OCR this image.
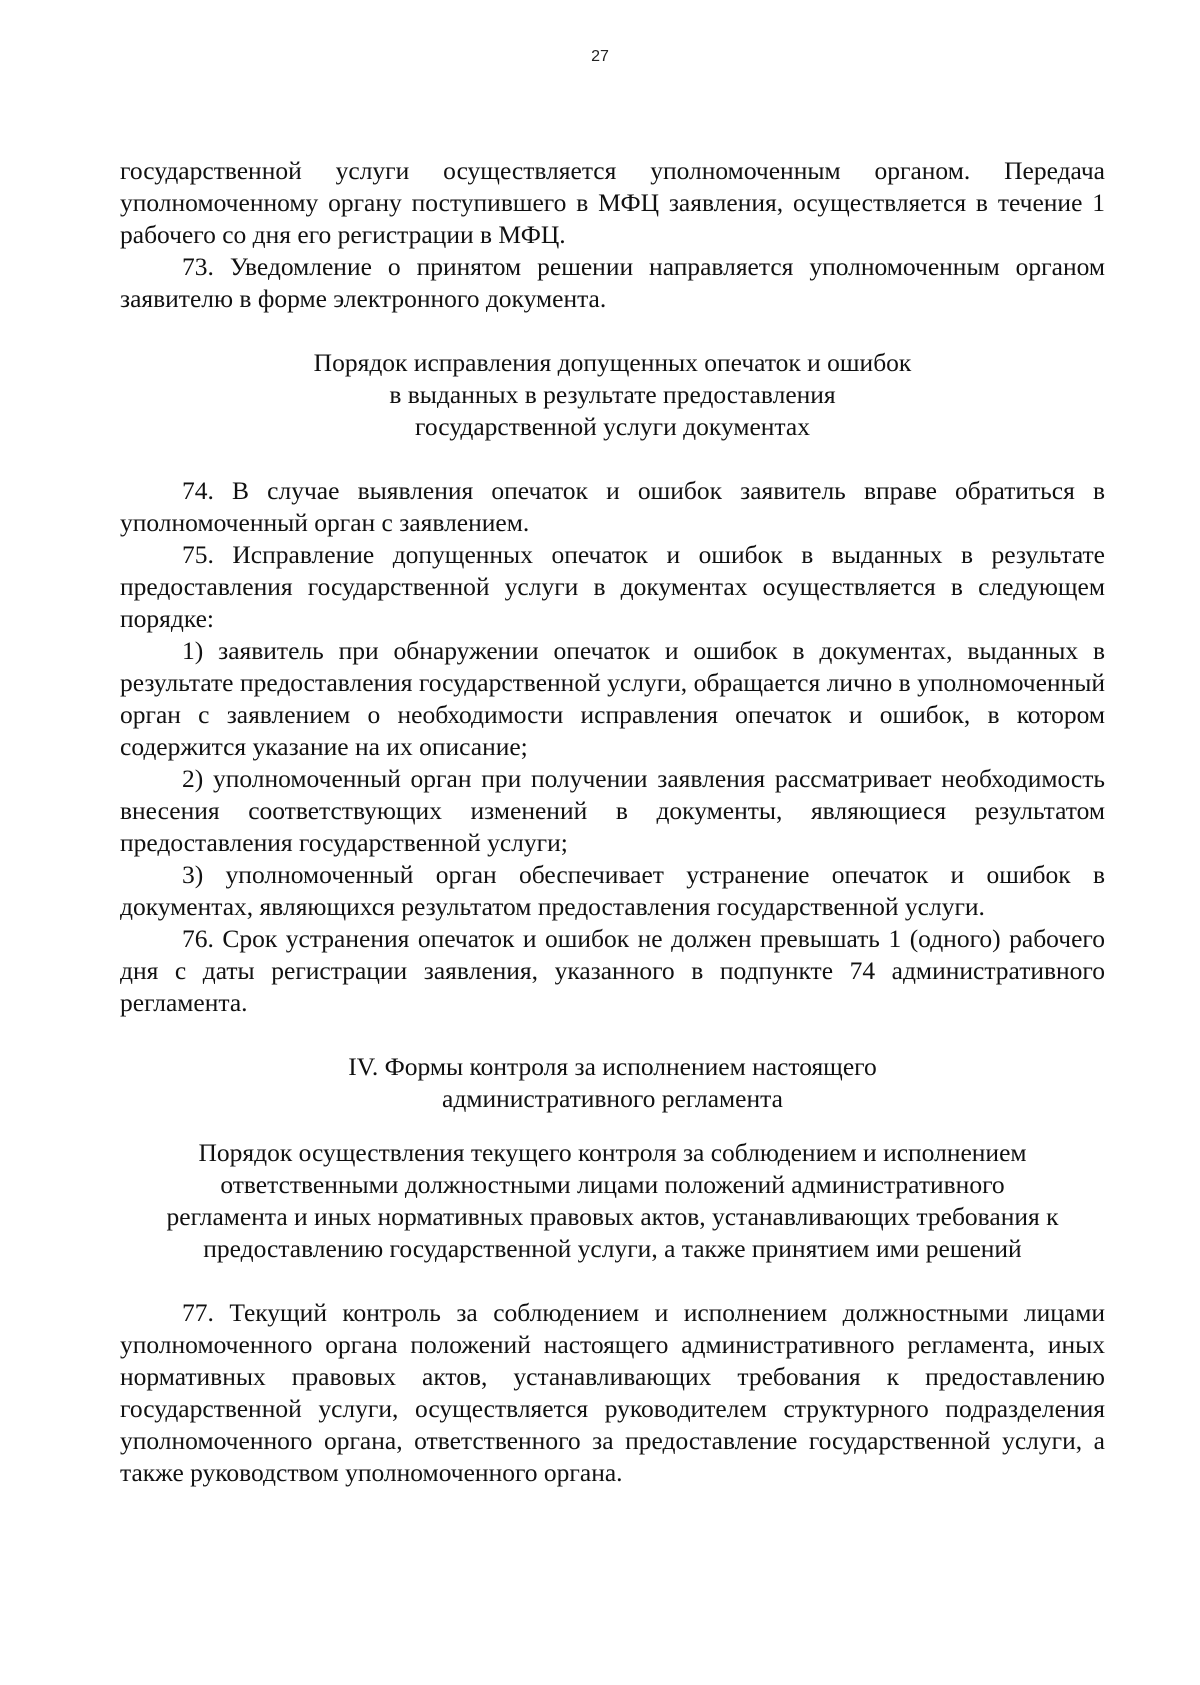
27

государственной услуги осуществляется уполномоченным органом. Передача уполномоченному органу поступившего в МФЦ заявления, осуществляется в течение 1 рабочего со дня его регистрации в МФЦ.

73. Уведомление о принятом решении направляется уполномоченным органом заявителю в форме электронного документа.

Порядок исправления допущенных опечаток и ошибок
в выданных в результате предоставления
государственной услуги документах

74. В случае выявления опечаток и ошибок заявитель вправе обратиться в уполномоченный орган с заявлением.

75. Исправление допущенных опечаток и ошибок в выданных в результате предоставления государственной услуги в документах осуществляется в следующем порядке:

1) заявитель при обнаружении опечаток и ошибок в документах, выданных в результате предоставления государственной услуги, обращается лично в уполномоченный орган с заявлением о необходимости исправления опечаток и ошибок, в котором содержится указание на их описание;

2) уполномоченный орган при получении заявления рассматривает необходимость внесения соответствующих изменений в документы, являющиеся результатом предоставления государственной услуги;

3) уполномоченный орган обеспечивает устранение опечаток и ошибок в документах, являющихся результатом предоставления государственной услуги.

76. Срок устранения опечаток и ошибок не должен превышать 1 (одного) рабочего дня с даты регистрации заявления, указанного в подпункте 74 административного регламента.

IV. Формы контроля за исполнением настоящего
административного регламента
Порядок осуществления текущего контроля за соблюдением и исполнением
ответственными должностными лицами положений административного
регламента и иных нормативных правовых актов, устанавливающих требования к
предоставлению государственной услуги, а также принятием ими решений

77. Текущий контроль за соблюдением и исполнением должностными лицами уполномоченного органа положений настоящего административного регламента, иных нормативных правовых актов, устанавливающих требования к предоставлению государственной услуги, осуществляется руководителем структурного подразделения уполномоченного органа, ответственного за предоставление государственной услуги, а также руководством уполномоченного органа.
